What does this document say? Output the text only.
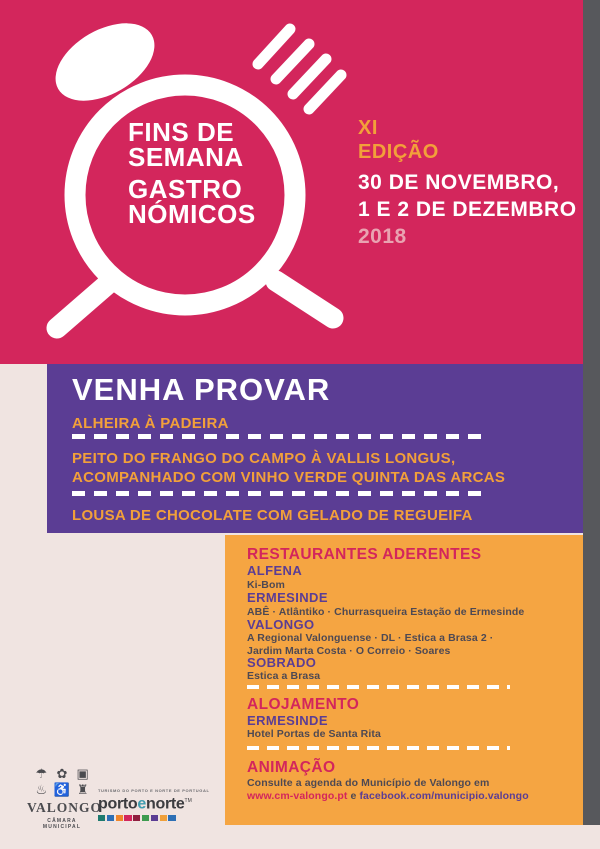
FINS DE
SEMANA
GASTRO
NÓMICOS
XI
EDIÇÃO
30 DE NOVEMBRO,
1 E 2 DE DEZEMBRO
2018
VENHA PROVAR
ALHEIRA À PADEIRA
PEITO DO FRANGO DO CAMPO À VALLIS LONGUS,
ACOMPANHADO COM VINHO VERDE QUINTA DAS ARCAS
LOUSA DE CHOCOLATE COM GELADO DE REGUEIFA
RESTAURANTES ADERENTES
ALFENA
Ki-Bom
ERMESINDE
ABÊ · Atlântiko · Churrasqueira Estação de Ermesinde
VALONGO
A Regional Valonguense · DL · Estica a Brasa 2 · Jardim Marta Costa · O Correio · Soares
SOBRADO
Estica a Brasa
ALOJAMENTO
ERMESINDE
Hotel Portas de Santa Rita
ANIMAÇÃO
Consulte a agenda do Município de Valongo em
www.cm-valongo.pt e facebook.com/municipio.valongo
☂ ✿ ▣
♨ ♿ ♜
VALONGO
CÂMARA MUNICIPAL
TURISMO DO PORTO E NORTE DE PORTUGAL
portoenorte™
